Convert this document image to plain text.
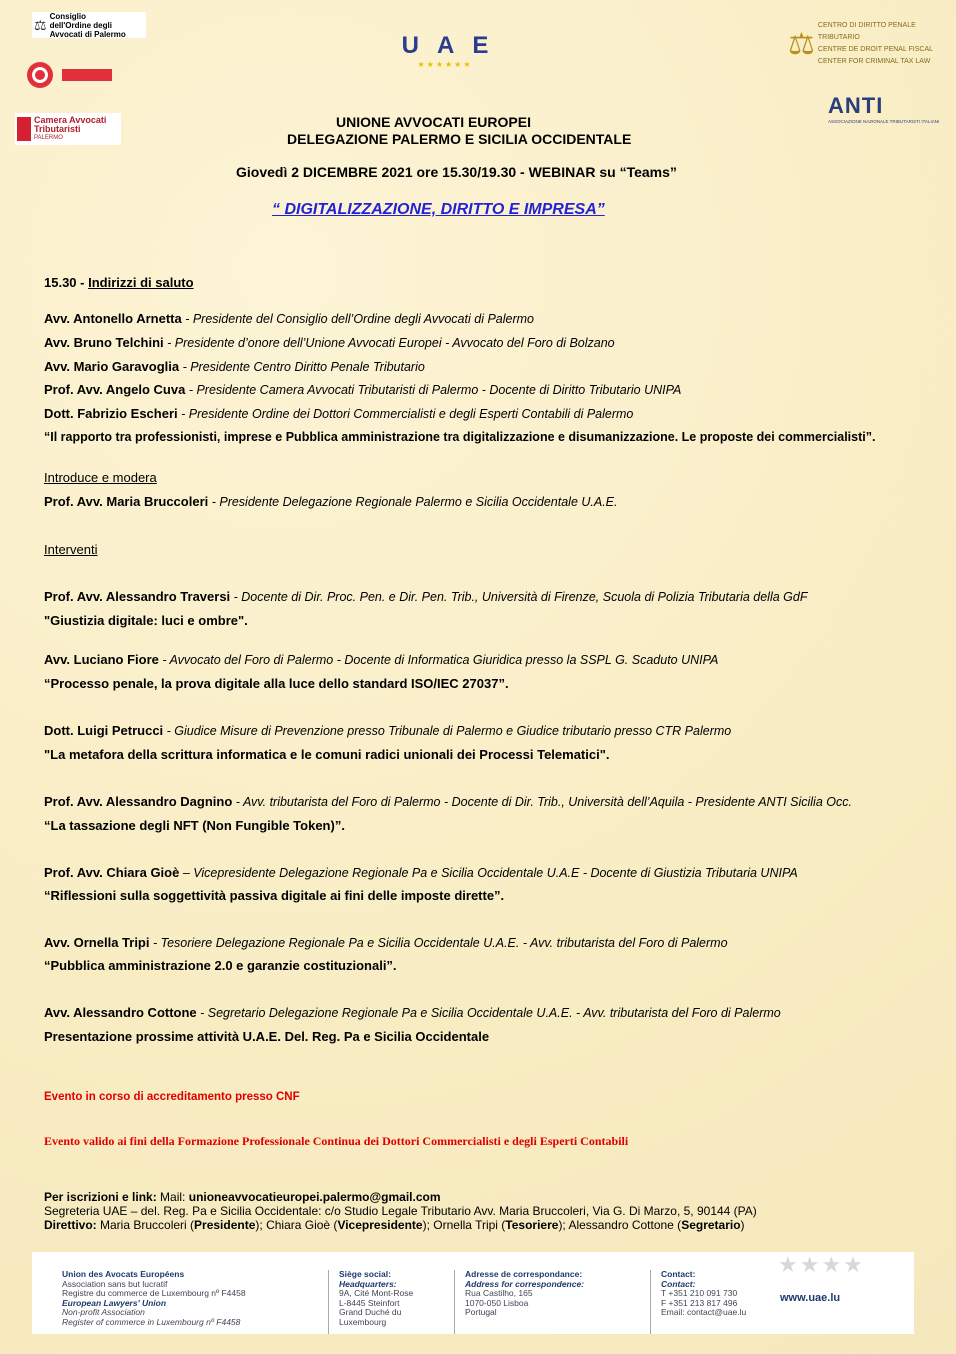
⚖
Consiglio dell'Ordine degli Avvocati di Palermo
Camera Avvocati Tributaristi
PALERMO
U A E
★★★★★★
⚖
CENTRO DI DIRITTO PENALE TRIBUTARIO
CENTRE DE DROIT PENAL FISCAL
CENTER FOR CRIMINAL TAX LAW
ANTI
ASSOCIAZIONE NAZIONALE TRIBUTARISTI ITALIANI
UNIONE AVVOCATI EUROPEI
DELEGAZIONE PALERMO E SICILIA OCCIDENTALE
Giovedì 2 DICEMBRE 2021 ore 15.30/19.30 - WEBINAR su “Teams”
“ DIGITALIZZAZIONE, DIRITTO E IMPRESA”
15.30 - Indirizzi di saluto
Avv. Antonello Arnetta - Presidente del Consiglio dell’Ordine degli Avvocati di Palermo
Avv. Bruno Telchini - Presidente d’onore dell’Unione Avvocati Europei - Avvocato del Foro di Bolzano
Avv. Mario Garavoglia - Presidente Centro Diritto Penale Tributario
Prof. Avv. Angelo Cuva - Presidente Camera Avvocati Tributaristi di Palermo - Docente di Diritto Tributario UNIPA
Dott. Fabrizio Escheri - Presidente Ordine dei Dottori Commercialisti e degli Esperti Contabili di Palermo
“Il rapporto tra professionisti, imprese e Pubblica amministrazione tra digitalizzazione e disumanizzazione. Le proposte dei commercialisti”.
Introduce e modera
Prof. Avv. Maria Bruccoleri - Presidente Delegazione Regionale Palermo e Sicilia Occidentale U.A.E.
Interventi
Prof. Avv. Alessandro Traversi - Docente di Dir. Proc. Pen. e Dir. Pen. Trib., Università di Firenze, Scuola di Polizia Tributaria della GdF
"Giustizia digitale: luci e ombre".
Avv. Luciano Fiore - Avvocato del Foro di Palermo - Docente di Informatica Giuridica presso la SSPL G. Scaduto UNIPA
“Processo penale, la prova digitale alla luce dello standard ISO/IEC 27037”.
Dott. Luigi Petrucci - Giudice Misure di Prevenzione presso Tribunale di Palermo e Giudice tributario presso CTR Palermo
"La metafora della scrittura informatica e le comuni radici unionali dei Processi Telematici".
Prof. Avv. Alessandro Dagnino - Avv. tributarista del Foro di Palermo - Docente di Dir. Trib., Università dell’Aquila - Presidente ANTI Sicilia Occ.
“La tassazione degli NFT (Non Fungible Token)”.
Prof. Avv. Chiara Gioè – Vicepresidente Delegazione Regionale Pa e Sicilia Occidentale U.A.E - Docente di Giustizia Tributaria UNIPA
“Riflessioni sulla soggettività passiva digitale ai fini delle imposte dirette”.
Avv. Ornella Tripi - Tesoriere Delegazione Regionale Pa e Sicilia Occidentale U.A.E. - Avv. tributarista del Foro di Palermo
“Pubblica amministrazione 2.0 e garanzie costituzionali”.
Avv. Alessandro Cottone - Segretario Delegazione Regionale Pa e Sicilia Occidentale U.A.E. - Avv. tributarista del Foro di Palermo
Presentazione prossime attività U.A.E. Del. Reg. Pa e Sicilia Occidentale
Evento in corso di accreditamento presso CNF
Evento valido ai fini della Formazione Professionale Continua dei Dottori Commercialisti e degli Esperti Contabili
Per iscrizioni e link: Mail: unioneavvocatieuropei.palermo@gmail.com
Segreteria UAE – del. Reg. Pa e Sicilia Occidentale: c/o Studio Legale Tributario Avv. Maria Bruccoleri, Via G. Di Marzo, 5, 90144 (PA)
Direttivo: Maria Bruccoleri (Presidente); Chiara Gioè (Vicepresidente); Ornella Tripi (Tesoriere); Alessandro Cottone (Segretario)
Union des Avocats Européens
Association sans but lucratif
Registre du commerce de Luxembourg nº F4458
European Lawyers' Union
Non-profit Association
Register of commerce in Luxembourg nº F4458
Siège social:
Headquarters:
9A, Cité Mont-Rose
L-8445 Steinfort
Grand Duché du
Luxembourg
Adresse de correspondance:
Address for correspondence:
Rua Castilho, 165
1070-050 Lisboa
Portugal
Contact:
Contact:
T +351 210 091 730
F +351 213 817 496
Email: contact@uae.lu
★★★★
www.uae.lu
